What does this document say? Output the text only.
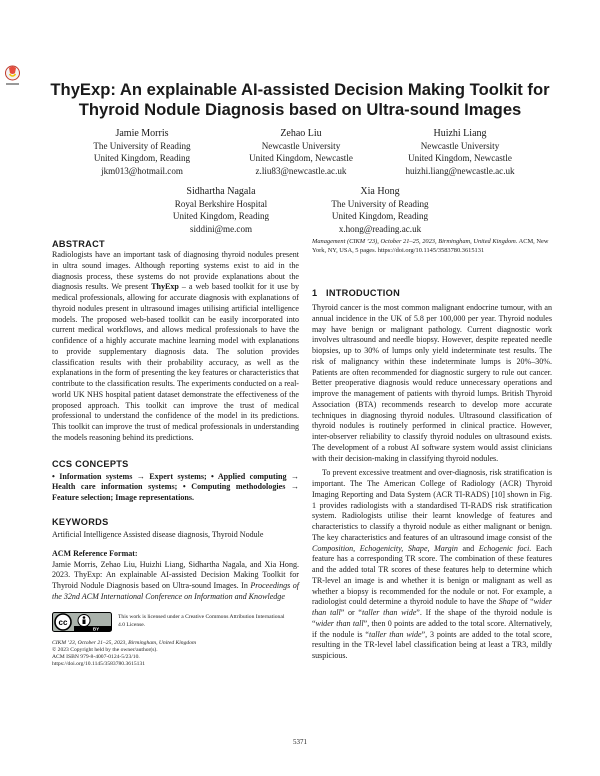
ThyExp: An explainable AI-assisted Decision Making Toolkit for
Thyroid Nodule Diagnosis based on Ultra-sound Images
Jamie Morris
The University of Reading
United Kingdom, Reading
jkm013@hotmail.com
Zehao Liu
Newcastle University
United Kingdom, Newcastle
z.liu83@newcastle.ac.uk
Huizhi Liang
Newcastle University
United Kingdom, Newcastle
huizhi.liang@newcastle.ac.uk
Sidhartha Nagala
Royal Berkshire Hospital
United Kingdom, Reading
siddini@me.com
Xia Hong
The University of Reading
United Kingdom, Reading
x.hong@reading.ac.uk
ABSTRACT

Radiologists have an important task of diagnosing thyroid nodules present in ultra sound images. Although reporting systems exist to aid in the diagnosis process, these systems do not provide explanations about the diagnosis results. We present ThyExp – a web based toolkit for it use by medical professionals, allowing for accurate diagnosis with explanations of thyroid nodules present in ultrasound images utilising artificial intelligence models. The proposed web-based toolkit can be easily incorporated into current medical workflows, and allows medical professionals to have the confidence of a highly accurate machine learning model with explanations to provide supplementary diagnosis data. The solution provides classification results with their probability accuracy, as well as the explanations in the form of presenting the key features or characteristics that contribute to the classification results. The experiments conducted on a real-world UK NHS hospital patient dataset demonstrate the effectiveness of the proposed approach. This toolkit can improve the trust of medical professional to understand the confidence of the model in its predictions. This toolkit can improve the trust of medical professionals in understanding the models reasoning behind its predictions.

CCS CONCEPTS

• Information systems → Expert systems; • Applied computing → Health care information systems; • Computing methodologies → Feature selection; Image representations.

KEYWORDS

Artificial Intelligence Assisted disease diagnosis, Thyroid Nodule

ACM Reference Format:

Jamie Morris, Zehao Liu, Huizhi Liang, Sidhartha Nagala, and Xia Hong. 2023. ThyExp: An explainable AI-assisted Decision Making Toolkit for Thyroid Nodule Diagnosis based on Ultra-sound Images. In Proceedings of the 32nd ACM International Conference on Information and Knowledge

cc
BY
This work is licensed under a Creative Commons Attribution International 4.0 License.
CIKM ’23, October 21–25, 2023, Birmingham, United Kingdom
© 2023 Copyright held by the owner/author(s).
ACM ISBN 979-8-4007-0124-5/23/10.
https://doi.org/10.1145/3583780.3615131

Management (CIKM ’23), October 21–25, 2023, Birmingham, United Kingdom. ACM, New York, NY, USA, 5 pages. https://doi.org/10.1145/3583780.3615131

1   INTRODUCTION

Thyroid cancer is the most common malignant endocrine tumour, with an annual incidence in the UK of 5.8 per 100,000 per year. Thyroid nodules may have benign or malignant pathology. Current diagnostic work involves ultrasound and needle biopsy. However, despite repeated needle biopsies, up to 30% of lumps only yield indeterminate test results. The risk of malignancy within these indeterminate lumps is 20%–30%. Patients are often recommended for diagnostic surgery to rule out cancer. Better preoperative diagnosis would reduce unnecessary operations and improve the management of patients with thyroid lumps. British Thyroid Association (BTA) recommends research to develop more accurate techniques in diagnosing thyroid nodules. Ultrasound classification of thyroid nodules is routinely performed in clinical practice. However, inter-observer reliability to classify thyroid nodules on ultrasound exists. The development of a robust AI software system would assist clinicians with their decision-making in classifying thyroid nodules.

To prevent excessive treatment and over-diagnosis, risk stratification is important. The The American College of Radiology (ACR) Thyroid Imaging Reporting and Data System (ACR TI-RADS) [10] shown in Fig. 1 provides radiologists with a standardised TI-RADS risk stratification system. Radiologists utilise their learnt knowledge of features and characteristics to classify a thyroid nodule as either malignant or benign. The key characteristics and features of an ultrasound image consist of the Composition, Echogenicity, Shape, Margin and Echogenic foci. Each feature has a corresponding TR score. The combination of these features and the added total TR scores of these features help to determine which TR-level an image is and whether it is benign or malignant as well as whether a biopsy is recommended for the nodule or not. For example, a radiologist could determine a thyroid nodule to have the Shape of “wider than tall” or “taller than wide”. If the shape of the thyroid nodule is “wider than tall”, then 0 points are added to the total score. Alternatively, if the nodule is “taller than wide”, 3 points are added to the total score, resulting in the TR-level label classification being at least a TR3, mildly suspicious.

5371
